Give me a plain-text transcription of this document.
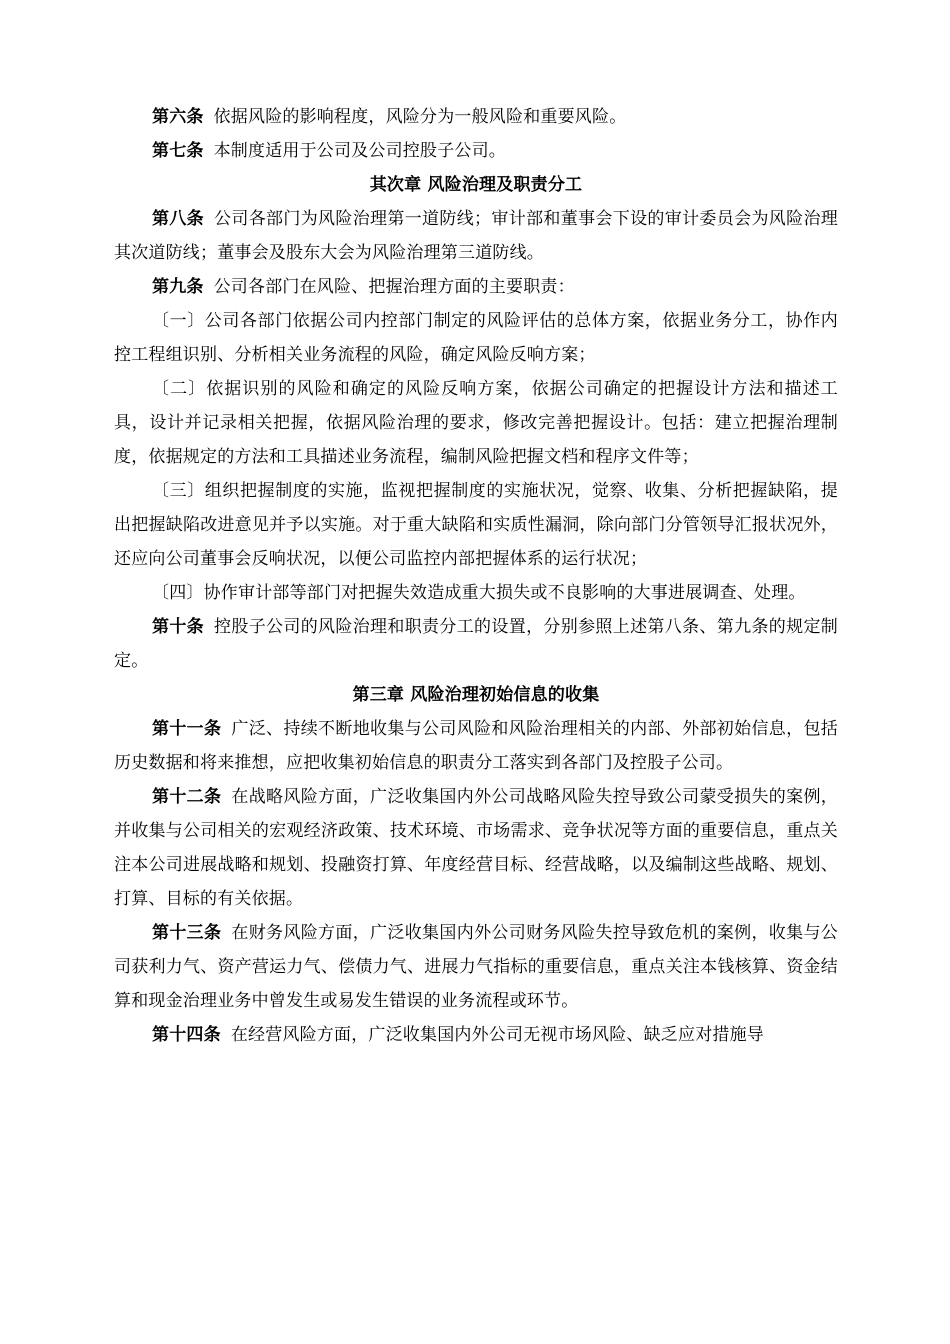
第六条 依据风险的影响程度，风险分为一般风险和重要风险。

第七条 本制度适用于公司及公司控股子公司。

其次章 风险治理及职责分工

第八条 公司各部门为风险治理第一道防线；审计部和董事会下设的审计委员会为风险治理其次道防线；董事会及股东大会为风险治理第三道防线。

第九条 公司各部门在风险、把握治理方面的主要职责：

〔一〕公司各部门依据公司内控部门制定的风险评估的总体方案，依据业务分工，协作内控工程组识别、分析相关业务流程的风险，确定风险反响方案；

〔二〕依据识别的风险和确定的风险反响方案，依据公司确定的把握设计方法和描述工具，设计并记录相关把握，依据风险治理的要求，修改完善把握设计。包括：建立把握治理制度，依据规定的方法和工具描述业务流程，编制风险把握文档和程序文件等；

〔三〕组织把握制度的实施，监视把握制度的实施状况，觉察、收集、分析把握缺陷，提出把握缺陷改进意见并予以实施。对于重大缺陷和实质性漏洞，除向部门分管领导汇报状况外，还应向公司董事会反响状况，以便公司监控内部把握体系的运行状况；

〔四〕协作审计部等部门对把握失效造成重大损失或不良影响的大事进展调查、处理。

第十条 控股子公司的风险治理和职责分工的设置，分别参照上述第八条、第九条的规定制定。

第三章 风险治理初始信息的收集

第十一条 广泛、持续不断地收集与公司风险和风险治理相关的内部、外部初始信息，包括历史数据和将来推想，应把收集初始信息的职责分工落实到各部门及控股子公司。

第十二条 在战略风险方面，广泛收集国内外公司战略风险失控导致公司蒙受损失的案例，并收集与公司相关的宏观经济政策、技术环境、市场需求、竞争状况等方面的重要信息，重点关注本公司进展战略和规划、投融资打算、年度经营目标、经营战略，以及编制这些战略、规划、打算、目标的有关依据。

第十三条 在财务风险方面，广泛收集国内外公司财务风险失控导致危机的案例，收集与公司获利力气、资产营运力气、偿债力气、进展力气指标的重要信息，重点关注本钱核算、资金结算和现金治理业务中曾发生或易发生错误的业务流程或环节。

第十四条 在经营风险方面，广泛收集国内外公司无视市场风险、缺乏应对措施导
